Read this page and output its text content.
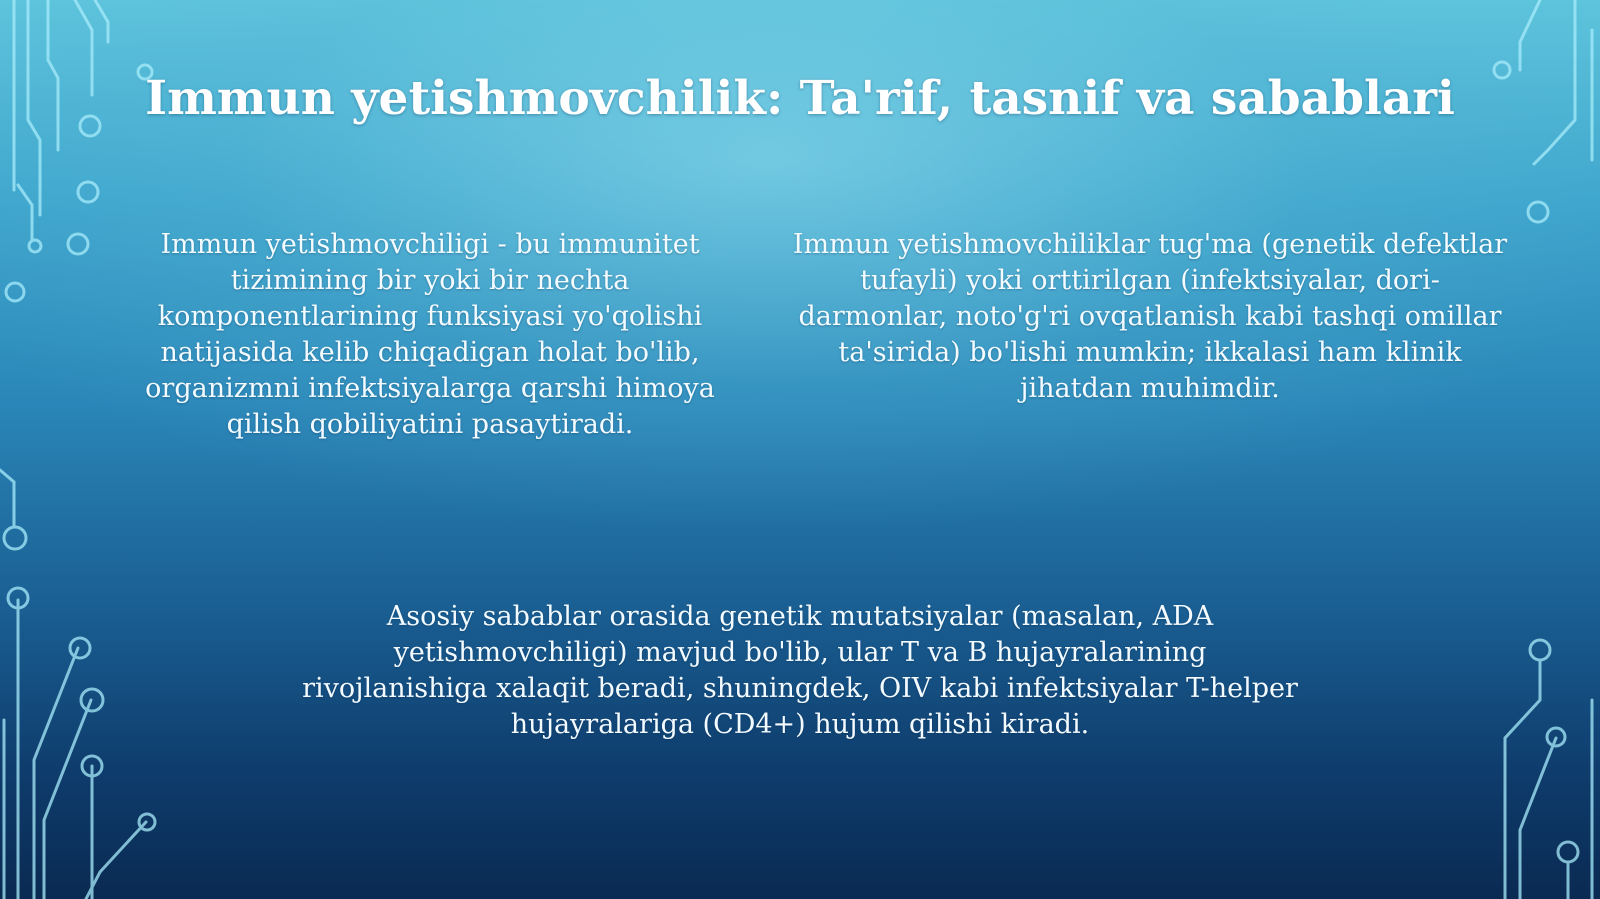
Immun yetishmovchilik: Ta'rif, tasnif va sabablari

Immun yetishmovchiligi - bu immunitet tizimining bir yoki bir nechta komponentlarining funksiyasi yo'qolishi natijasida kelib chiqadigan holat bo'lib, organizmni infektsiyalarga qarshi himoya qilish qobiliyatini pasaytiradi.

Immun yetishmovchiliklar tug'ma (genetik defektlar tufayli) yoki orttirilgan (infektsiyalar, dori-darmonlar, noto'g'ri ovqatlanish kabi tashqi omillar ta'sirida) bo'lishi mumkin; ikkalasi ham klinik jihatdan muhimdir.

Asosiy sabablar orasida genetik mutatsiyalar (masalan, ADA yetishmovchiligi) mavjud bo'lib, ular T va B hujayralarining rivojlanishiga xalaqit beradi, shuningdek, OIV kabi infektsiyalar T-helper hujayralariga (CD4+) hujum qilishi kiradi.
